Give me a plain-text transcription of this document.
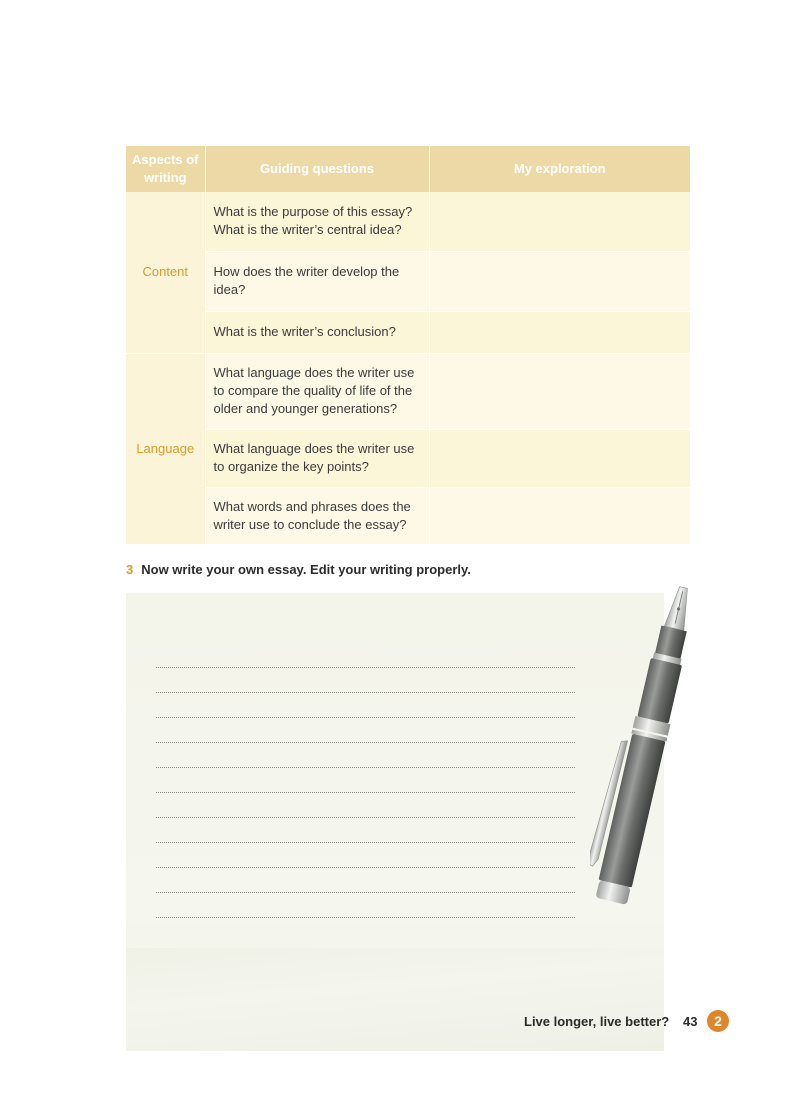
Aspects of writing	Guiding questions	My exploration
Content	What is the purpose of this essay? What is the writer’s central idea?	
	How does the writer develop the idea?	
	What is the writer’s conclusion?	
Language	What language does the writer use to compare the quality of life of the older and younger generations?	
	What language does the writer use to organize the key points?	
	What words and phrases does the writer use to conclude the essay?	
3 Now write your own essay. Edit your writing properly.
Live longer, live better? 43	2
